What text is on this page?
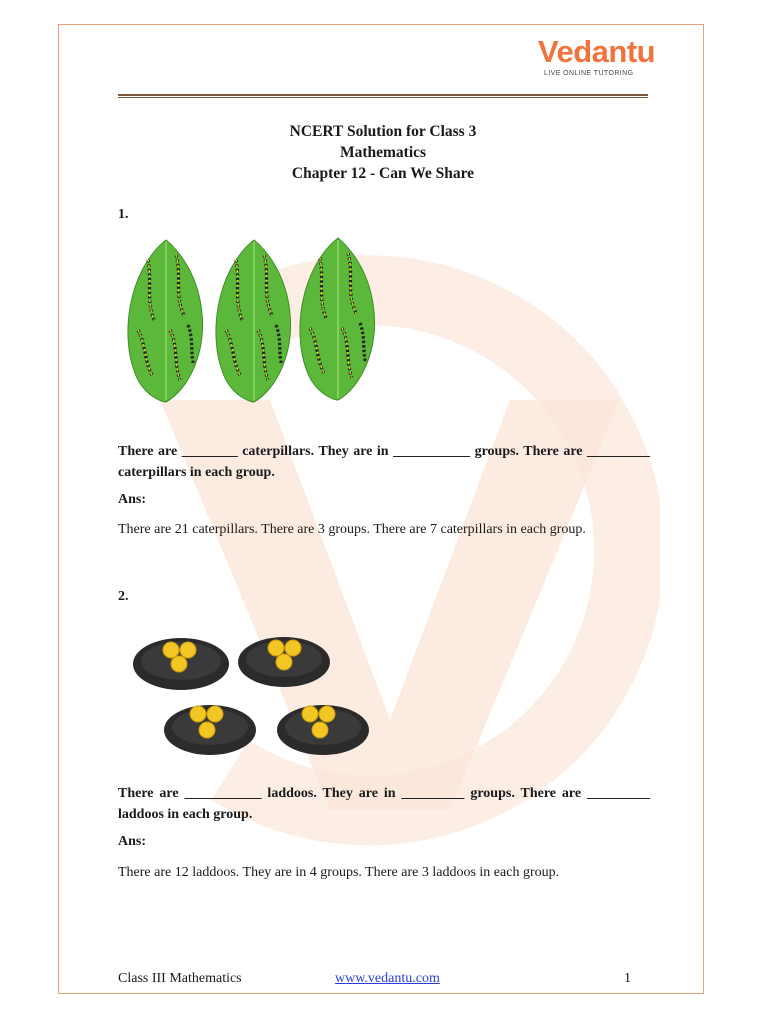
Vedantu
LIVE ONLINE TUTORING
NCERT Solution for Class 3
Mathematics
Chapter 12 - Can We Share
1.
There are ________ caterpillars. They are in ___________ groups. There are _________ caterpillars in each group.
Ans:
There are 21 caterpillars. There are 3 groups. There are 7 caterpillars in each group.
2.
There are ___________ laddoos. They are in _________ groups. There are _________ laddoos in each group.
Ans:
There are 12 laddoos. They are in 4 groups. There are 3 laddoos in each group.
Class III Mathematics	www.vedantu.com	1
